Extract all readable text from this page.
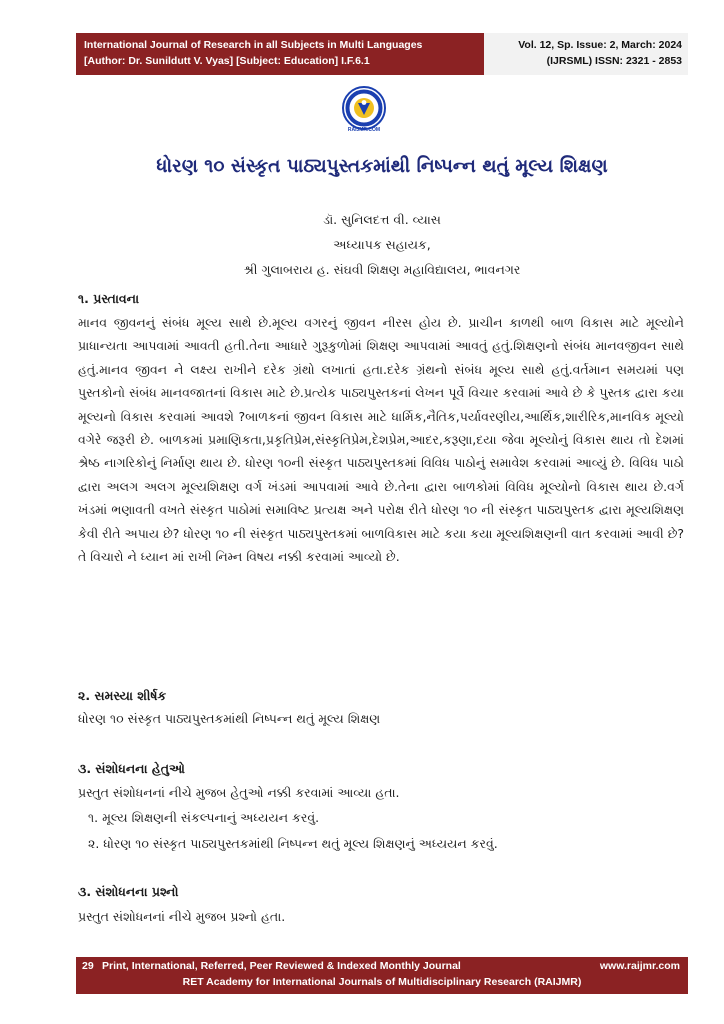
International Journal of Research in all Subjects in Multi Languages
[Author: Dr. Sunildutt V. Vyas] [Subject: Education] I.F.6.1
Vol. 12, Sp. Issue: 2, March: 2024
(IJRSML) ISSN: 2321 - 2853
RAIJMR.COM
ધોરણ ૧૦ સંસ્કૃત પાઠ્યપુસ્તકમાંથી નિષ્પન્ન થતું મૂલ્ય શિક્ષણ
ડૉ. સુનિલદત્ત વી. વ્યાસ
અધ્યાપક સહાયક,
શ્રી ગુલાબરાય હ. સંઘવી શિક્ષણ મહાવિદ્યાલય, ભાવનગર
૧. પ્રસ્તાવના
માનવ જીવનનું સંબંધ મૂલ્ય સાથે છે.મૂલ્ય વગરનું જીવન નીરસ હોય છે. પ્રાચીન કાળથી બાળ વિકાસ માટે મૂલ્યોને પ્રાધાન્યતા આપવામાં આવતી હતી.તેના આધારે ગુરૂકુળોમાં શિક્ષણ આપવામાં આવતું હતું.શિક્ષણનો સંબંધ માનવજીવન સાથે હતું.માનવ જીવન ને લક્ષ્ય રાખીને દરેક ગ્રંથો લખાતાં હતા.દરેક ગ્રંથનો સંબંધ મૂલ્ય સાથે હતું.વર્તમાન સમયમાં પણ પુસ્તકોનો સંબંધ માનવજાતનાં વિકાસ માટે છે.પ્રત્યેક પાઠ્યપુસ્તકનાં લેખન પૂર્વે વિચાર કરવામાં આવે છે કે પુસ્તક દ્વારા કયા મૂલ્યનો વિકાસ કરવામાં આવશે ?બાળકનાં જીવન વિકાસ માટે ધાર્મિક,નૈતિક,પર્યાવરણીય,આર્થિક,શારીરિક,માનવિક મૂલ્યો વગેરે જરૂરી છે. બાળકમાં પ્રમાણિકતા,પ્રકૃતિપ્રેમ,સંસ્કૃતિપ્રેમ,દેશપ્રેમ,આદર,કરૂણા,દયા જેવા મૂલ્યોનું વિકાસ થાય તો દેશમાં શ્રેષ્ઠ નાગરિકોનું નિર્માણ થાય છે. ધોરણ ૧૦ની સંસ્કૃત પાઠ્યપુસ્તકમાં વિવિધ પાઠોનું સમાવેશ કરવામાં આવ્યું છે. વિવિધ પાઠો દ્વારા અલગ અલગ મૂલ્યશિક્ષણ વર્ગ ખંડમાં આપવામાં આવે છે.તેના દ્વારા બાળકોમાં વિવિધ મૂલ્યોનો વિકાસ થાય છે.વર્ગ ખંડમાં ભણાવતી વખતે સંસ્કૃત પાઠોમાં સમાવિષ્ટ પ્રત્યક્ષ અને પરોક્ષ રીતે ધોરણ ૧૦ ની સંસ્કૃત પાઠ્યપુસ્તક દ્વારા મૂલ્યશિક્ષણ કેવી રીતે અપાય છે? ધોરણ ૧૦ ની સંસ્કૃત પાઠ્યપુસ્તકમાં બાળવિકાસ માટે કયા કયા મૂલ્યશિક્ષણની વાત કરવામાં આવી છે? તે વિચારો ને ધ્યાન માં રાખી નિમ્ન વિષય નક્કી કરવામાં આવ્યો છે.
૨. સમસ્યા શીર્ષક
ધોરણ ૧૦ સંસ્કૃત પાઠ્યપુસ્તકમાંથી નિષ્પન્ન થતું મૂલ્ય શિક્ષણ
૩. સંશોધનના હેતુઓ
પ્રસ્તુત સંશોધનનાં નીચે મુજબ હેતુઓ નક્કી કરવામાં આવ્યા હતા.
૧. મૂલ્ય શિક્ષણની સંકલ્પનાનું અધ્યયન કરવું.
૨. ધોરણ ૧૦ સંસ્કૃત પાઠ્યપુસ્તકમાંથી નિષ્પન્ન થતું મૂલ્ય શિક્ષણનું અધ્યયન કરવું.
૩. સંશોધનના પ્રશ્નો
પ્રસ્તુત સંશોધનનાં નીચે મુજબ પ્રશ્નો હતા.
29 Print, International, Referred, Peer Reviewed & Indexed Monthly Journal	www.raijmr.com
RET Academy for International Journals of Multidisciplinary Research (RAIJMR)
